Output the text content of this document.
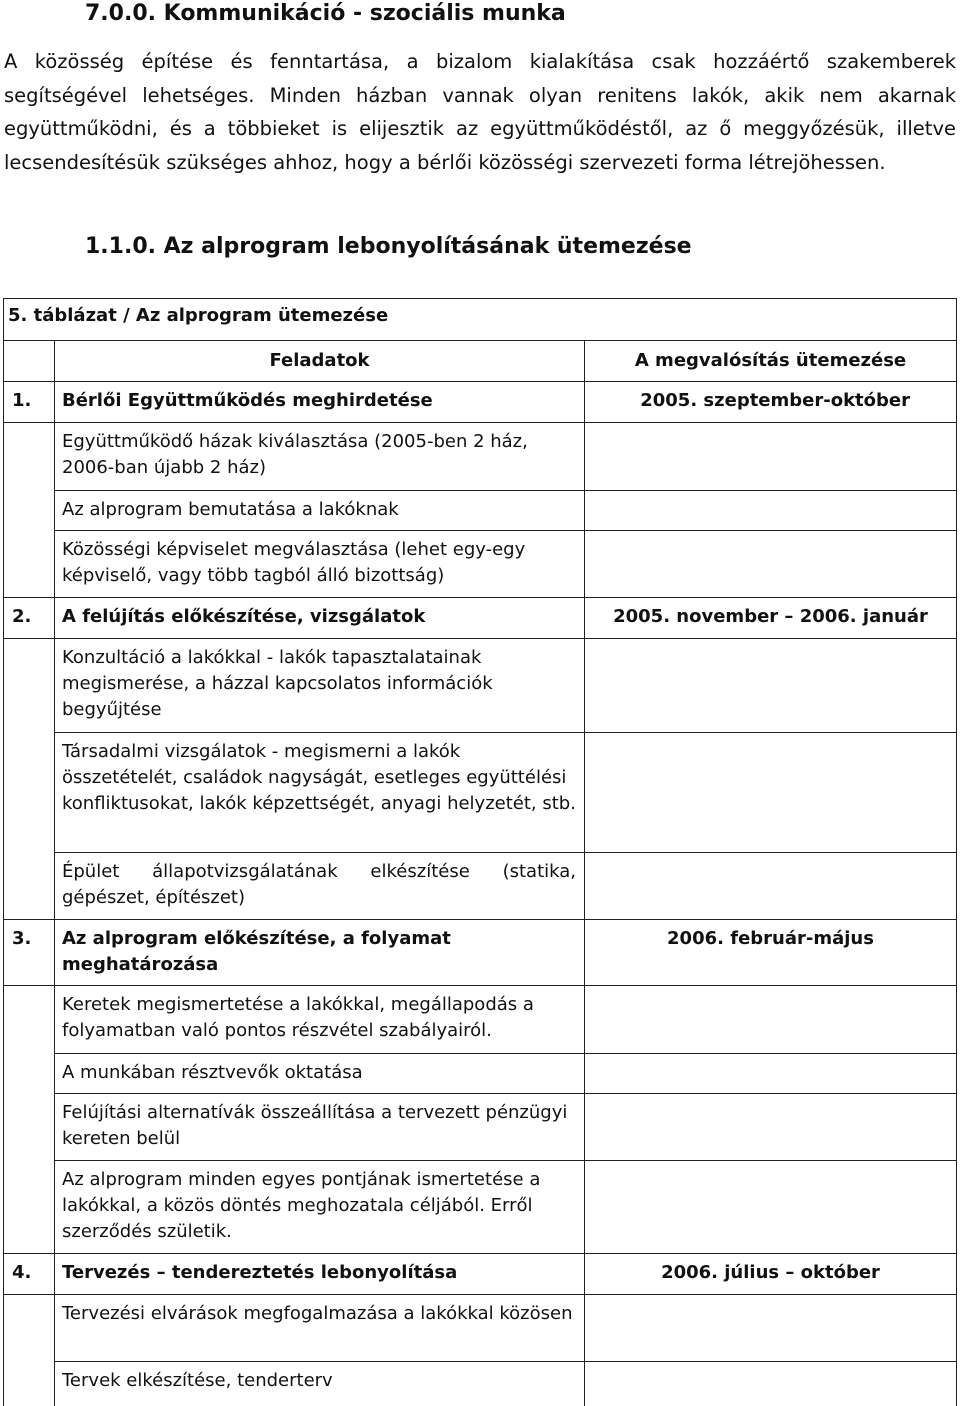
7.0.0. Kommunikáció - szociális munka

A közösség építése és fenntartása, a bizalom kialakítása csak hozzáértő szakemberek segítségével lehetséges. Minden házban vannak olyan renitens lakók, akik nem akarnak együttműködni, és a többieket is elijesztik az együttműködéstől, az ő meggyőzésük, illetve lecsendesítésük szükséges ahhoz, hogy a bérlői közösségi szervezeti forma létrejöhessen.

1.1.0. Az alprogram lebonyolításának ütemezése
5. táblázat / Az alprogram ütemezése		
	Feladatok	A megvalósítás ütemezése
1.	Bérlői Együttműködés meghirdetése	2005. szeptember-október
	Együttműködő házak kiválasztása (2005-ben 2 ház, 2006-ban újabb 2 ház)	
	Az alprogram bemutatása a lakóknak	
	Közösségi képviselet megválasztása (lehet egy-egy képviselő, vagy több tagból álló bizottság)	
2.	A felújítás előkészítése, vizsgálatok	2005. november – 2006. január
	Konzultáció a lakókkal - lakók tapasztalatainak megismerése, a házzal kapcsolatos információk begyűjtése	
	Társadalmi vizsgálatok - megismerni a lakók összetételét, családok nagyságát, esetleges együttélési konfliktusokat, lakók képzettségét, anyagi helyzetét, stb.	
	Épület állapotvizsgálatának elkészítése (statika, gépészet, építészet)	
3.	Az alprogram előkészítése, a folyamat meghatározása	2006. február-május
	Keretek megismertetése a lakókkal, megállapodás a folyamatban való pontos részvétel szabályairól.	
	A munkában résztvevők oktatása	
	Felújítási alternatívák összeállítása a tervezett pénzügyi kereten belül	
	Az alprogram minden egyes pontjának ismertetése a lakókkal, a közös döntés meghozatala céljából. Erről szerződés születik.	
4.	Tervezés – tendereztetés lebonyolítása	2006. július – október
	Tervezési elvárások megfogalmazása a lakókkal közösen	
	Tervek elkészítése, tenderterv	
